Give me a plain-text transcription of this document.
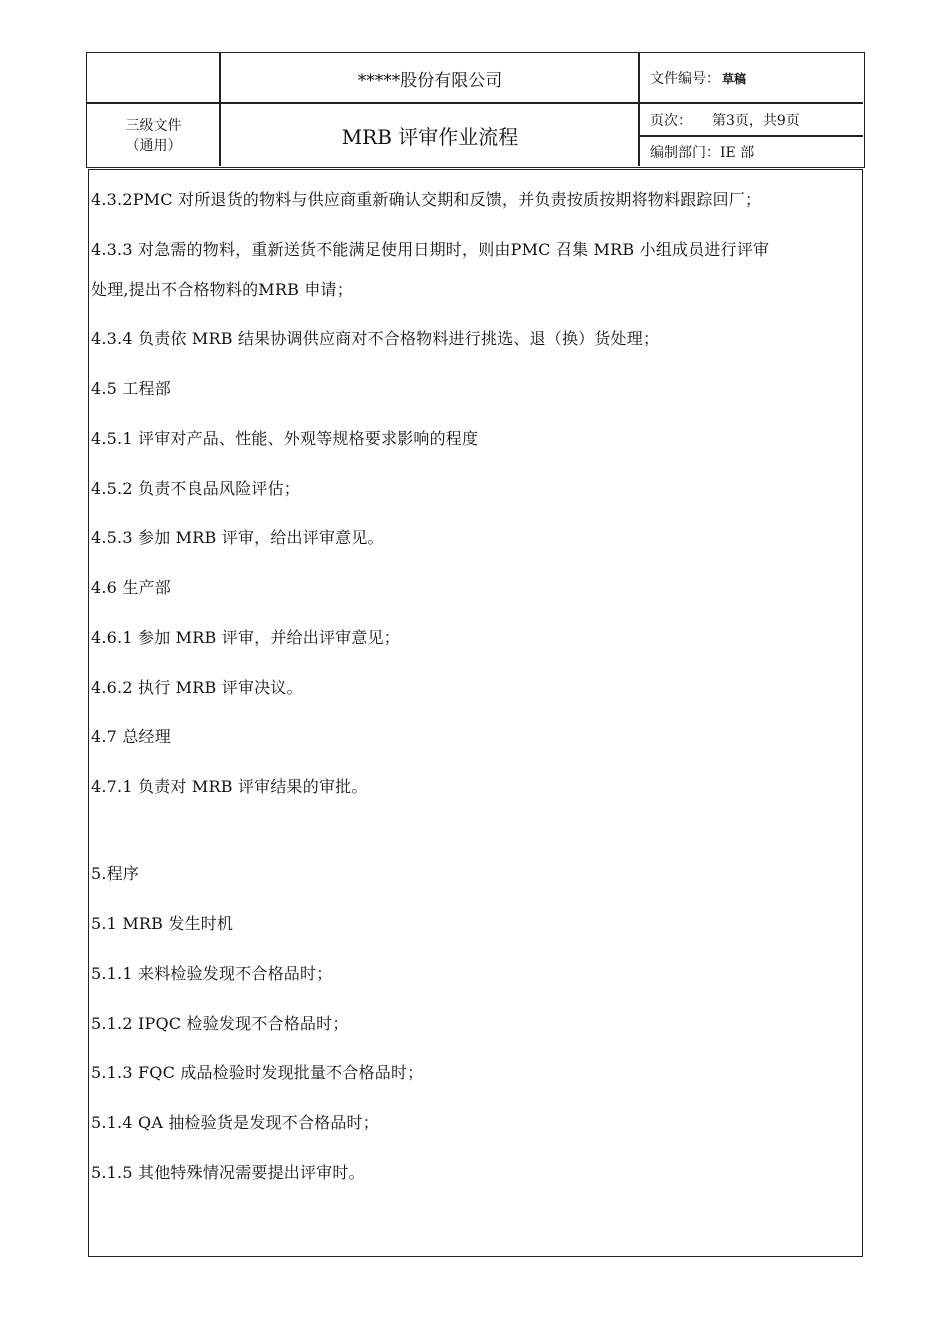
*****股份有限公司	文件编号： 草稿
三级文件
（通用）	MRB 评审作业流程
页次： 第3页，共9页
编制部门：IE 部
4.3.2PMC 对所退货的物料与供应商重新确认交期和反馈，并负责按质按期将物料跟踪回厂；
4.3.3 对急需的物料，重新送货不能满足使用日期时，则由PMC 召集 MRB 小组成员进行评审
处理,提出不合格物料的MRB 申请；
4.3.4 负责依 MRB 结果协调供应商对不合格物料进行挑选、退（换）货处理；
4.5 工程部
4.5.1 评审对产品、性能、外观等规格要求影响的程度
4.5.2 负责不良品风险评估；
4.5.3 参加 MRB 评审，给出评审意见。
4.6 生产部
4.6.1 参加 MRB 评审，并给出评审意见；
4.6.2 执行 MRB 评审决议。
4.7 总经理
4.7.1 负责对 MRB 评审结果的审批。
5.程序
5.1 MRB 发生时机
5.1.1 来料检验发现不合格品时；
5.1.2 IPQC 检验发现不合格品时；
5.1.3 FQC 成品检验时发现批量不合格品时；
5.1.4 QA 抽检验货是发现不合格品时；
5.1.5 其他特殊情况需要提出评审时。
